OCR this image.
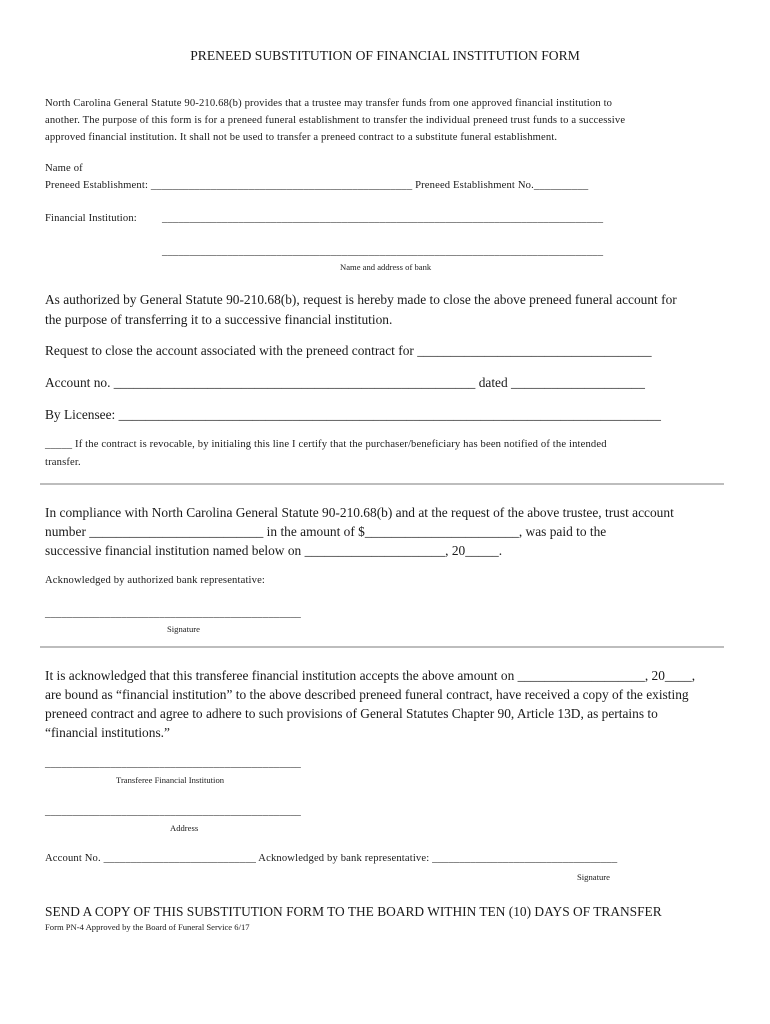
PRENEED SUBSTITUTION OF FINANCIAL INSTITUTION FORM
North Carolina General Statute 90-210.68(b) provides that a trustee may transfer funds from one approved financial institution to
another. The purpose of this form is for a preneed funeral establishment to transfer the individual preneed trust funds to a successive
approved financial institution. It shall not be used to transfer a preneed contract to a substitute funeral establishment.
Name of
Preneed Establishment: ________________________________________________ Preneed Establishment No.__________
Financial Institution: _________________________________________________________________________________
_________________________________________________________________________________
Name and address of bank
As authorized by General Statute 90-210.68(b), request is hereby made to close the above preneed funeral account for
the purpose of transferring it to a successive financial institution.
Request to close the account associated with the preneed contract for ___________________________________
Account no. ______________________________________________________ dated ____________________
By Licensee: _________________________________________________________________________________
_____ If the contract is revocable, by initialing this line I certify that the purchaser/beneficiary has been notified of the intended
transfer.
In compliance with North Carolina General Statute 90-210.68(b) and at the request of the above trustee, trust account
number __________________________ in the amount of $_______________________, was paid to the
successive financial institution named below on _____________________, 20_____.
Acknowledged by authorized bank representative:
_______________________________________________
Signature
It is acknowledged that this transferee financial institution accepts the above amount on ___________________, 20____,
are bound as “financial institution” to the above described preneed funeral contract, have received a copy of the existing
preneed contract and agree to adhere to such provisions of General Statutes Chapter 90, Article 13D, as pertains to
“financial institutions.”
_______________________________________________
Transferee Financial Institution
_______________________________________________
Address
Account No. ____________________________ Acknowledged by bank representative: __________________________________
Signature
SEND A COPY OF THIS SUBSTITUTION FORM TO THE BOARD WITHIN TEN (10) DAYS OF TRANSFER
Form PN-4 Approved by the Board of Funeral Service 6/17
